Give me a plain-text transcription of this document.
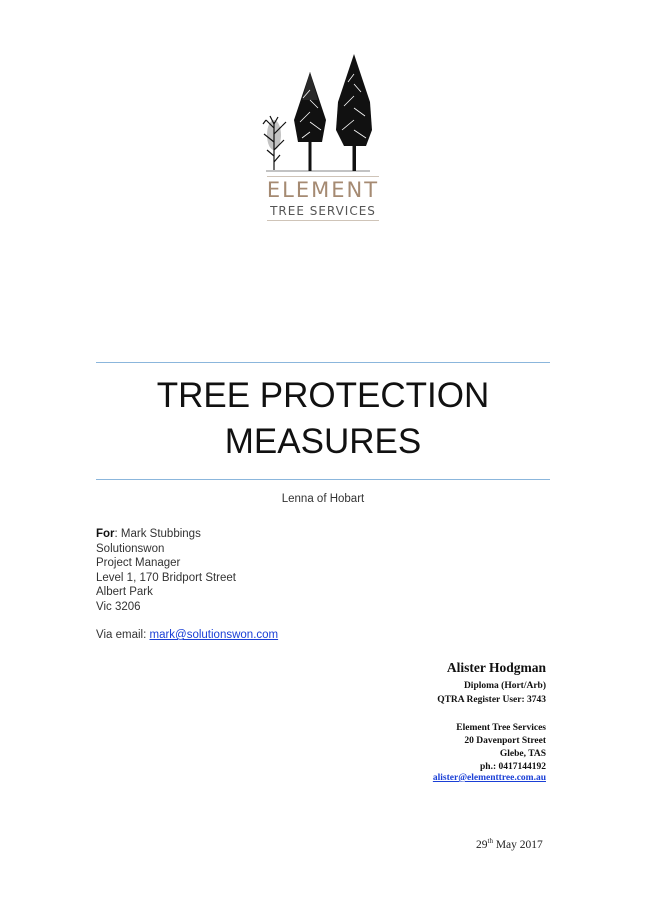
ELEMENT
TREE SERVICES
TREE PROTECTION
MEASURES
Lenna of Hobart
For: Mark Stubbings
Solutionswon
Project Manager
Level 1, 170 Bridport Street
Albert Park
Vic 3206
Via email: mark@solutionswon.com
Alister Hodgman
Diploma (Hort/Arb)
QTRA Register User: 3743
Element Tree Services
20 Davenport Street
Glebe, TAS
ph.: 0417144192
alister@elementtree.com.au
29th May 2017
